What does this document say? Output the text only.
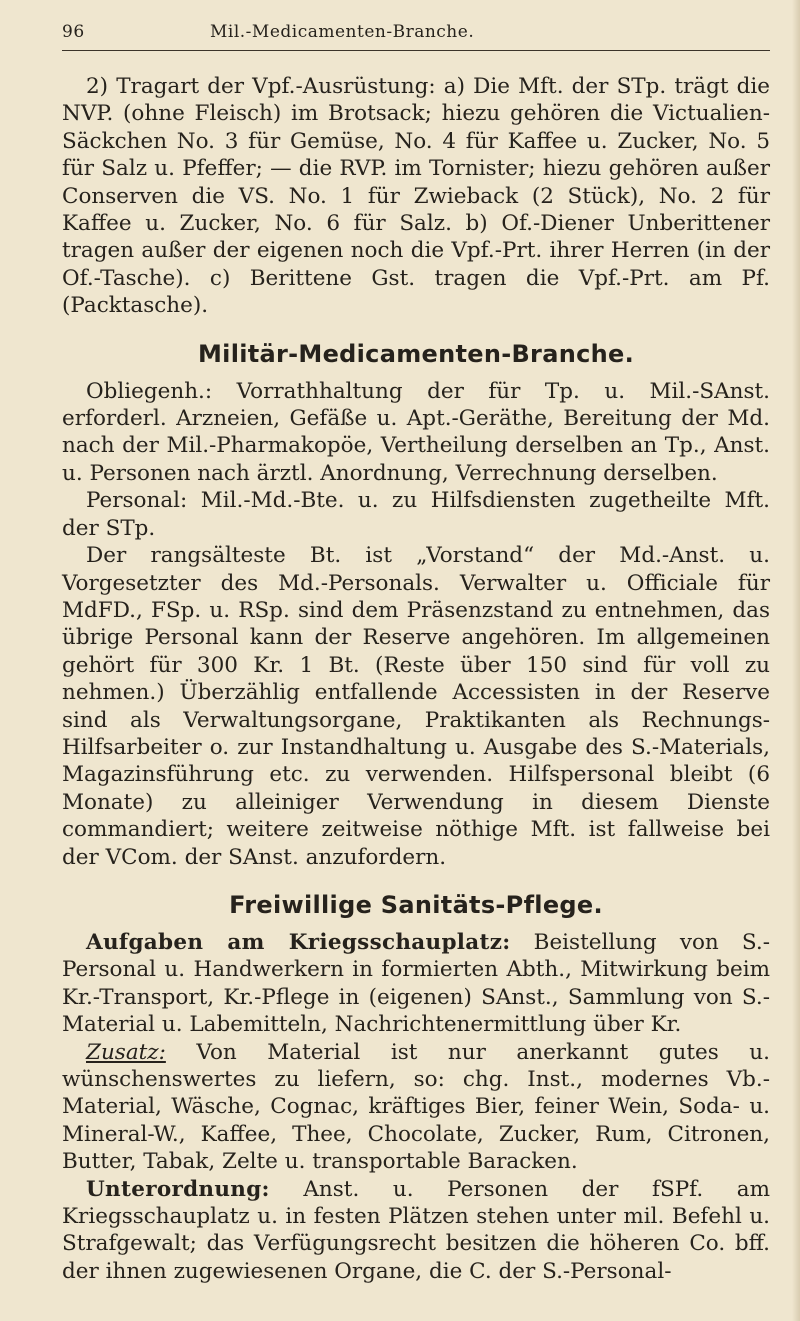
96	Mil.-Medicamenten-Branche.

2) Tragart der Vpf.-Ausrüstung: a) Die Mft. der STp. trägt die NVP. (ohne Fleisch) im Brotsack; hiezu gehören die Victualien-Säckchen No. 3 für Gemüse, No. 4 für Kaffee u. Zucker, No. 5 für Salz u. Pfeffer; — die RVP. im Tornister; hiezu gehören außer Conserven die VS. No. 1 für Zwieback (2 Stück), No. 2 für Kaffee u. Zucker, No. 6 für Salz. b) Of.-Diener Unberittener tragen außer der eigenen noch die Vpf.-Prt. ihrer Herren (in der Of.-Tasche). c) Berittene Gst. tragen die Vpf.-Prt. am Pf. (Packtasche).

Militär-Medicamenten-Branche.

Obliegenh.: Vorrathhaltung der für Tp. u. Mil.-SAnst. erforderl. Arzneien, Gefäße u. Apt.-Geräthe, Bereitung der Md. nach der Mil.-Pharmakopöe, Vertheilung derselben an Tp., Anst. u. Personen nach ärztl. Anordnung, Verrechnung derselben.

Personal: Mil.-Md.-Bte. u. zu Hilfsdiensten zugetheilte Mft. der STp.

Der rangsälteste Bt. ist „Vorstand“ der Md.-Anst. u. Vorgesetzter des Md.-Personals. Verwalter u. Officiale für MdFD., FSp. u. RSp. sind dem Präsenzstand zu entnehmen, das übrige Personal kann der Reserve angehören. Im allgemeinen gehört für 300 Kr. 1 Bt. (Reste über 150 sind für voll zu nehmen.) Überzählig entfallende Accessisten in der Reserve sind als Verwaltungsorgane, Praktikanten als Rechnungs-Hilfsarbeiter o. zur Instandhaltung u. Ausgabe des S.-Materials, Magazinsführung etc. zu verwenden. Hilfspersonal bleibt (6 Monate) zu alleiniger Verwendung in diesem Dienste commandiert; weitere zeitweise nöthige Mft. ist fallweise bei der VCom. der SAnst. anzufordern.

Freiwillige Sanitäts-Pflege.

Aufgaben am Kriegsschauplatz: Beistellung von S.-Personal u. Handwerkern in formierten Abth., Mitwirkung beim Kr.-Transport, Kr.-Pflege in (eigenen) SAnst., Sammlung von S.-Material u. Labemitteln, Nachrichtenermittlung über Kr.

Zusatz: Von Material ist nur anerkannt gutes u. wünschenswertes zu liefern, so: chg. Inst., modernes Vb.-Material, Wäsche, Cognac, kräftiges Bier, feiner Wein, Soda- u. Mineral-W., Kaffee, Thee, Chocolate, Zucker, Rum, Citronen, Butter, Tabak, Zelte u. transportable Baracken.

Unterordnung: Anst. u. Personen der fSPf. am Kriegsschauplatz u. in festen Plätzen stehen unter mil. Befehl u. Strafgewalt; das Verfügungsrecht besitzen die höheren Co. bff. der ihnen zugewiesenen Organe, die C. der S.-Personal-
